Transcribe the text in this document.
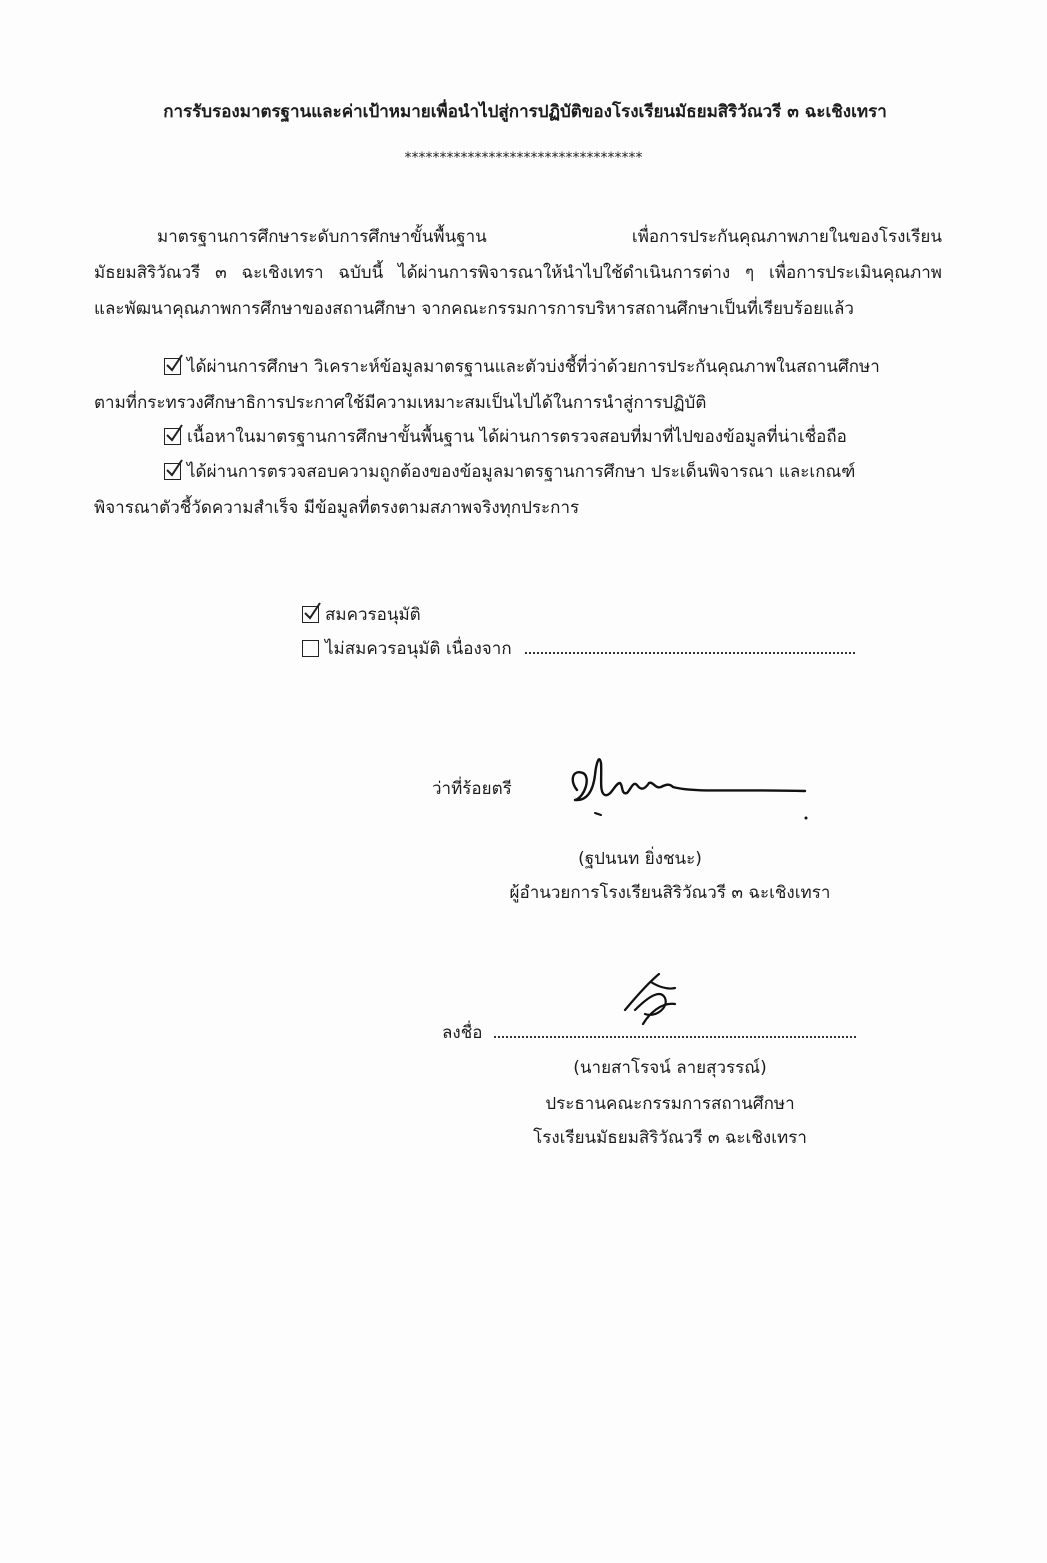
การรับรองมาตรฐานและค่าเป้าหมายเพื่อนำไปสู่การปฏิบัติของโรงเรียนมัธยมสิริวัณวรี ๓ ฉะเชิงเทรา
**********************************
มาตรฐานการศึกษาระดับการศึกษาขั้นพื้นฐาน เพื่อการประกันคุณภาพภายในของโรงเรียน
มัธยมสิริวัณวรี ๓ ฉะเชิงเทรา ฉบับนี้ ได้ผ่านการพิจารณาให้นำไปใช้ดำเนินการต่าง ๆ เพื่อการประเมินคุณภาพ
และพัฒนาคุณภาพการศึกษาของสถานศึกษา จากคณะกรรมการการบริหารสถานศึกษาเป็นที่เรียบร้อยแล้ว
ได้ผ่านการศึกษา วิเคราะห์ข้อมูลมาตรฐานและตัวบ่งชี้ที่ว่าด้วยการประกันคุณภาพในสถานศึกษา
ตามที่กระทรวงศึกษาธิการประกาศใช้มีความเหมาะสมเป็นไปได้ในการนำสู่การปฏิบัติ
เนื้อหาในมาตรฐานการศึกษาขั้นพื้นฐาน ได้ผ่านการตรวจสอบที่มาที่ไปของข้อมูลที่น่าเชื่อถือ
ได้ผ่านการตรวจสอบความถูกต้องของข้อมูลมาตรฐานการศึกษา ประเด็นพิจารณา และเกณฑ์
พิจารณาตัวชี้วัดความสำเร็จ มีข้อมูลที่ตรงตามสภาพจริงทุกประการ
สมควรอนุมัติ
ไม่สมควรอนุมัติ เนื่องจาก
ว่าที่ร้อยตรี
(ฐปนนท ยิ่งชนะ)
ผู้อำนวยการโรงเรียนสิริวัณวรี ๓ ฉะเชิงเทรา
ลงชื่อ
(นายสาโรจน์ ลายสุวรรณ์)
ประธานคณะกรรมการสถานศึกษา
โรงเรียนมัธยมสิริวัณวรี ๓ ฉะเชิงเทรา
